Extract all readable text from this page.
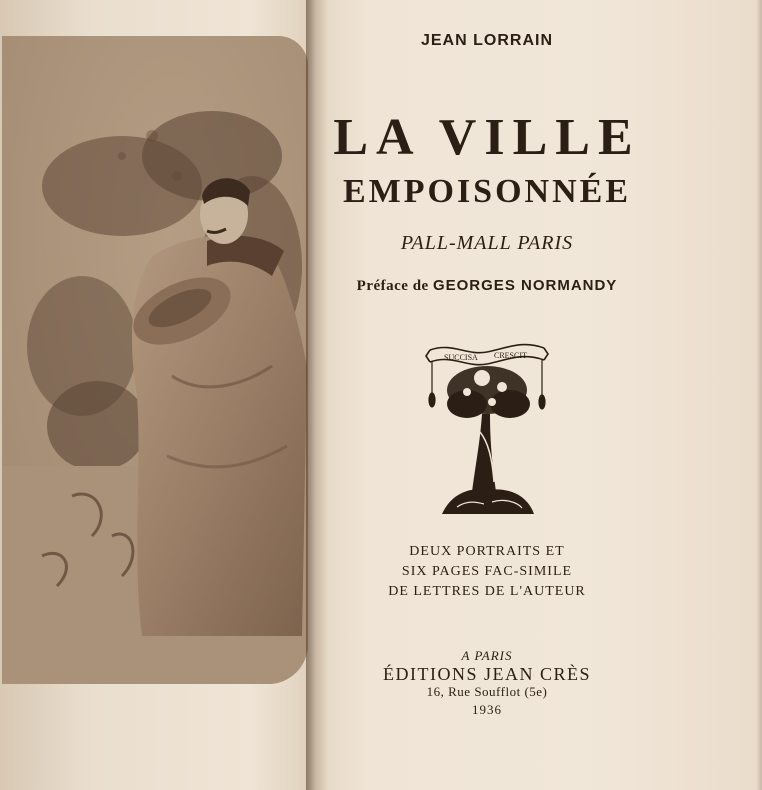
JEAN LORRAIN
LA VILLE
EMPOISONNÉE
PALL-MALL PARIS
Préface de GEORGES NORMANDY
SUCCISA CRESCIT
DEUX PORTRAITS ET
SIX PAGES FAC-SIMILE
DE LETTRES DE L'AUTEUR
A PARIS
ÉDITIONS JEAN CRÈS
16, Rue Soufflot (5e)
1936
